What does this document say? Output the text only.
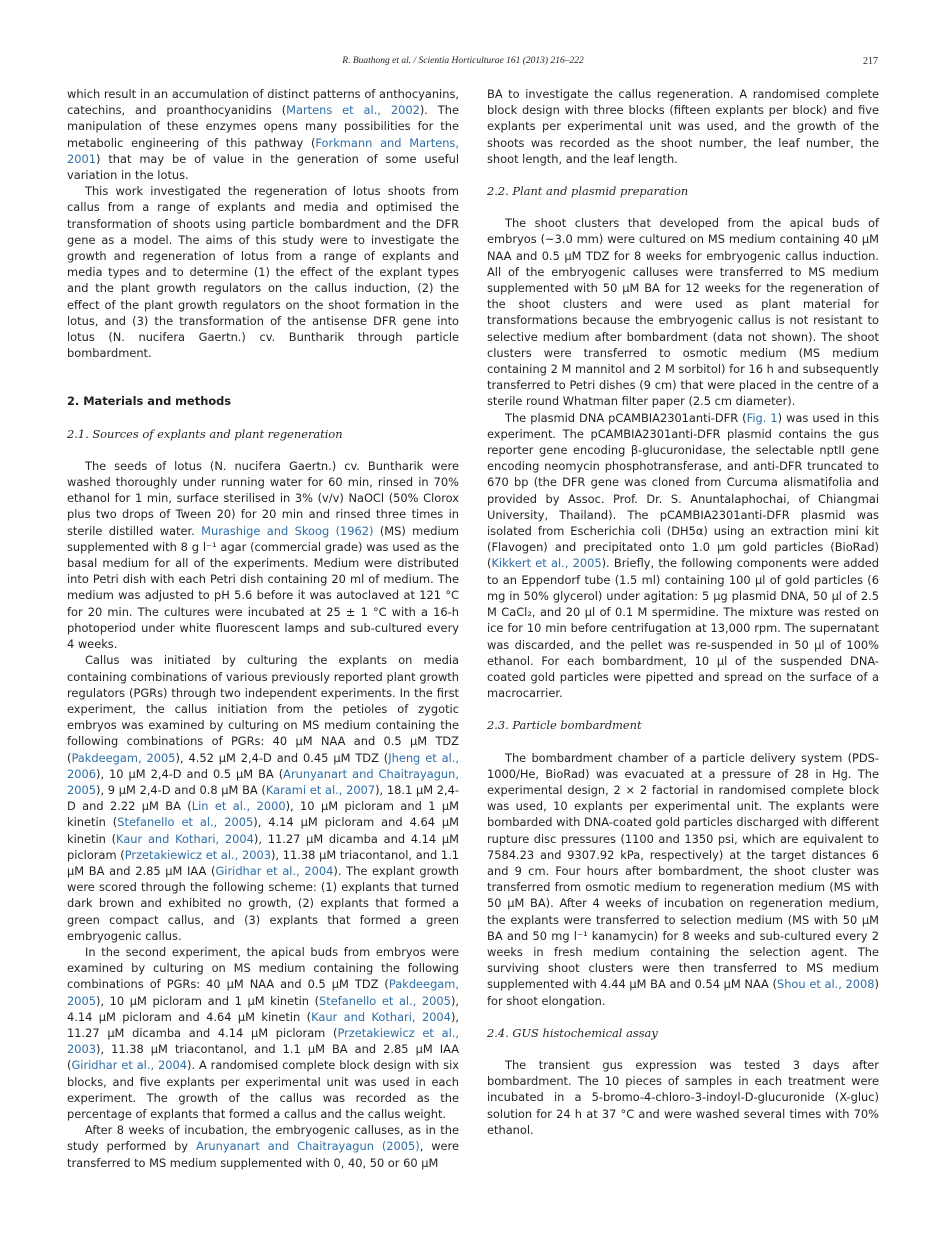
R. Buathong et al. / Scientia Horticulturae 161 (2013) 216–222	217

which result in an accumulation of distinct patterns of anthocyanins, catechins, and proanthocyanidins (Martens et al., 2002). The manipulation of these enzymes opens many possibilities for the metabolic engineering of this pathway (Forkmann and Martens, 2001) that may be of value in the generation of some useful variation in the lotus.

This work investigated the regeneration of lotus shoots from callus from a range of explants and media and optimised the transformation of shoots using particle bombardment and the DFR gene as a model. The aims of this study were to investigate the growth and regeneration of lotus from a range of explants and media types and to determine (1) the effect of the explant types and the plant growth regulators on the callus induction, (2) the effect of the plant growth regulators on the shoot formation in the lotus, and (3) the transformation of the antisense DFR gene into lotus (N. nucifera Gaertn.) cv. Buntharik through particle bombardment.

2. Materials and methods
2.1. Sources of explants and plant regeneration

The seeds of lotus (N. nucifera Gaertn.) cv. Buntharik were washed thoroughly under running water for 60 min, rinsed in 70% ethanol for 1 min, surface sterilised in 3% (v/v) NaOCl (50% Clorox plus two drops of Tween 20) for 20 min and rinsed three times in sterile distilled water. Murashige and Skoog (1962) (MS) medium supplemented with 8 g l⁻¹ agar (commercial grade) was used as the basal medium for all of the experiments. Medium were distributed into Petri dish with each Petri dish containing 20 ml of medium. The medium was adjusted to pH 5.6 before it was autoclaved at 121 °C for 20 min. The cultures were incubated at 25 ± 1 °C with a 16-h photoperiod under white fluorescent lamps and sub-cultured every 4 weeks.

Callus was initiated by culturing the explants on media containing combinations of various previously reported plant growth regulators (PGRs) through two independent experiments. In the first experiment, the callus initiation from the petioles of zygotic embryos was examined by culturing on MS medium containing the following combinations of PGRs: 40 μM NAA and 0.5 μM TDZ (Pakdeegam, 2005), 4.52 μM 2,4-D and 0.45 μM TDZ (Jheng et al., 2006), 10 μM 2,4-D and 0.5 μM BA (Arunyanart and Chaitrayagun, 2005), 9 μM 2,4-D and 0.8 μM BA (Karami et al., 2007), 18.1 μM 2,4-D and 2.22 μM BA (Lin et al., 2000), 10 μM picloram and 1 μM kinetin (Stefanello et al., 2005), 4.14 μM picloram and 4.64 μM kinetin (Kaur and Kothari, 2004), 11.27 μM dicamba and 4.14 μM picloram (Przetakiewicz et al., 2003), 11.38 μM triacontanol, and 1.1 μM BA and 2.85 μM IAA (Giridhar et al., 2004). The explant growth were scored through the following scheme: (1) explants that turned dark brown and exhibited no growth, (2) explants that formed a green compact callus, and (3) explants that formed a green embryogenic callus.

In the second experiment, the apical buds from embryos were examined by culturing on MS medium containing the following combinations of PGRs: 40 μM NAA and 0.5 μM TDZ (Pakdeegam, 2005), 10 μM picloram and 1 μM kinetin (Stefanello et al., 2005), 4.14 μM picloram and 4.64 μM kinetin (Kaur and Kothari, 2004), 11.27 μM dicamba and 4.14 μM picloram (Przetakiewicz et al., 2003), 11.38 μM triacontanol, and 1.1 μM BA and 2.85 μM IAA (Giridhar et al., 2004). A randomised complete block design with six blocks, and five explants per experimental unit was used in each experiment. The growth of the callus was recorded as the percentage of explants that formed a callus and the callus weight.

After 8 weeks of incubation, the embryogenic calluses, as in the study performed by Arunyanart and Chaitrayagun (2005), were transferred to MS medium supplemented with 0, 40, 50 or 60 μM

BA to investigate the callus regeneration. A randomised complete block design with three blocks (fifteen explants per block) and five explants per experimental unit was used, and the growth of the shoots was recorded as the shoot number, the leaf number, the shoot length, and the leaf length.

2.2. Plant and plasmid preparation

The shoot clusters that developed from the apical buds of embryos (~3.0 mm) were cultured on MS medium containing 40 μM NAA and 0.5 μM TDZ for 8 weeks for embryogenic callus induction. All of the embryogenic calluses were transferred to MS medium supplemented with 50 μM BA for 12 weeks for the regeneration of the shoot clusters and were used as plant material for transformations because the embryogenic callus is not resistant to selective medium after bombardment (data not shown). The shoot clusters were transferred to osmotic medium (MS medium containing 2 M mannitol and 2 M sorbitol) for 16 h and subsequently transferred to Petri dishes (9 cm) that were placed in the centre of a sterile round Whatman filter paper (2.5 cm diameter).

The plasmid DNA pCAMBIA2301anti-DFR (Fig. 1) was used in this experiment. The pCAMBIA2301anti-DFR plasmid contains the gus reporter gene encoding β-glucuronidase, the selectable nptII gene encoding neomycin phosphotransferase, and anti-DFR truncated to 670 bp (the DFR gene was cloned from Curcuma alismatifolia and provided by Assoc. Prof. Dr. S. Anuntalaphochai, of Chiangmai University, Thailand). The pCAMBIA2301anti-DFR plasmid was isolated from Escherichia coli (DH5α) using an extraction mini kit (Flavogen) and precipitated onto 1.0 μm gold particles (BioRad) (Kikkert et al., 2005). Briefly, the following components were added to an Eppendorf tube (1.5 ml) containing 100 μl of gold particles (6 mg in 50% glycerol) under agitation: 5 μg plasmid DNA, 50 μl of 2.5 M CaCl₂, and 20 μl of 0.1 M spermidine. The mixture was rested on ice for 10 min before centrifugation at 13,000 rpm. The supernatant was discarded, and the pellet was re-suspended in 50 μl of 100% ethanol. For each bombardment, 10 μl of the suspended DNA-coated gold particles were pipetted and spread on the surface of a macrocarrier.

2.3. Particle bombardment

The bombardment chamber of a particle delivery system (PDS-1000/He, BioRad) was evacuated at a pressure of 28 in Hg. The experimental design, 2 × 2 factorial in randomised complete block was used, 10 explants per experimental unit. The explants were bombarded with DNA-coated gold particles discharged with different rupture disc pressures (1100 and 1350 psi, which are equivalent to 7584.23 and 9307.92 kPa, respectively) at the target distances 6 and 9 cm. Four hours after bombardment, the shoot cluster was transferred from osmotic medium to regeneration medium (MS with 50 μM BA). After 4 weeks of incubation on regeneration medium, the explants were transferred to selection medium (MS with 50 μM BA and 50 mg l⁻¹ kanamycin) for 8 weeks and sub-cultured every 2 weeks in fresh medium containing the selection agent. The surviving shoot clusters were then transferred to MS medium supplemented with 4.44 μM BA and 0.54 μM NAA (Shou et al., 2008) for shoot elongation.

2.4. GUS histochemical assay

The transient gus expression was tested 3 days after bombardment. The 10 pieces of samples in each treatment were incubated in a 5-bromo-4-chloro-3-indoyl-D-glucuronide (X-gluc) solution for 24 h at 37 °C and were washed several times with 70% ethanol.
